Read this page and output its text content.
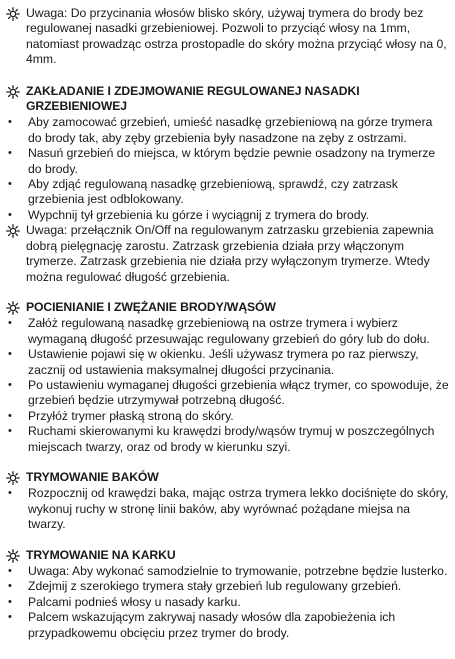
Uwaga: Do przycinania włosów blisko skóry, używaj trymera do brody bez regulowanej nasadki grzebieniowej. Pozwoli to przyciąć włosy na 1mm, natomiast prowadząc ostrza prostopadle do skóry można przyciąć włosy na 0, 4mm.
ZAKŁADANIE I ZDEJMOWANIE REGULOWANEJ NASADKI GRZEBIENIOWEJ
•	Aby zamocować grzebień, umieść nasadkę grzebieniową na górze trymera do brody tak, aby zęby grzebienia były nasadzone na zęby z ostrzami.
•	Nasuń grzebień do miejsca, w którym będzie pewnie osadzony na trymerze do brody.
•	Aby zdjąć regulowaną nasadkę grzebieniową, sprawdź, czy zatrzask grzebienia jest odblokowany.
•	Wypchnij tył grzebienia ku górze i wyciągnij z trymera do brody.
Uwaga: przełącznik On/Off na regulowanym zatrzasku grzebienia zapewnia dobrą pielęgnację zarostu. Zatrzask grzebienia działa przy włączonym trymerze. Zatrzask grzebienia nie działa przy wyłączonym trymerze. Wtedy można regulować długość grzebienia.
POCIENIANIE I ZWĘŻANIE BRODY/WĄSÓW
•	Załóż regulowaną nasadkę grzebieniową na ostrze trymera i wybierz wymaganą długość przesuwając regulowany grzebień do góry lub do dołu.
•	Ustawienie pojawi się w okienku. Jeśli używasz trymera po raz pierwszy, zacznij od ustawienia maksymalnej długości przycinania.
•	Po ustawieniu wymaganej długości grzebienia włącz trymer, co spowoduje, że grzebień będzie utrzymywał potrzebną długość.
•	Przyłóż trymer płaską stroną do skóry.
•	Ruchami skierowanymi ku krawędzi brody/wąsów trymuj w poszczególnych miejscach twarzy, oraz od brody w kierunku szyi.
TRYMOWANIE BAKÓW
•	Rozpocznij od krawędzi baka, mając ostrza trymera lekko dociśnięte do skóry, wykonuj ruchy w stronę linii baków, aby wyrównać pożądane miejsa na twarzy.
TRYMOWANIE NA KARKU
•	Uwaga: Aby wykonać samodzielnie to trymowanie, potrzebne będzie lusterko.
•	Zdejmij z szerokiego trymera stały grzebień lub regulowany grzebień.
•	Palcami podnieś włosy u nasady karku.
•	Palcem wskazującym zakrywaj nasady włosów dla zapobieżenia ich przypadkowemu obcięciu przez trymer do brody.
